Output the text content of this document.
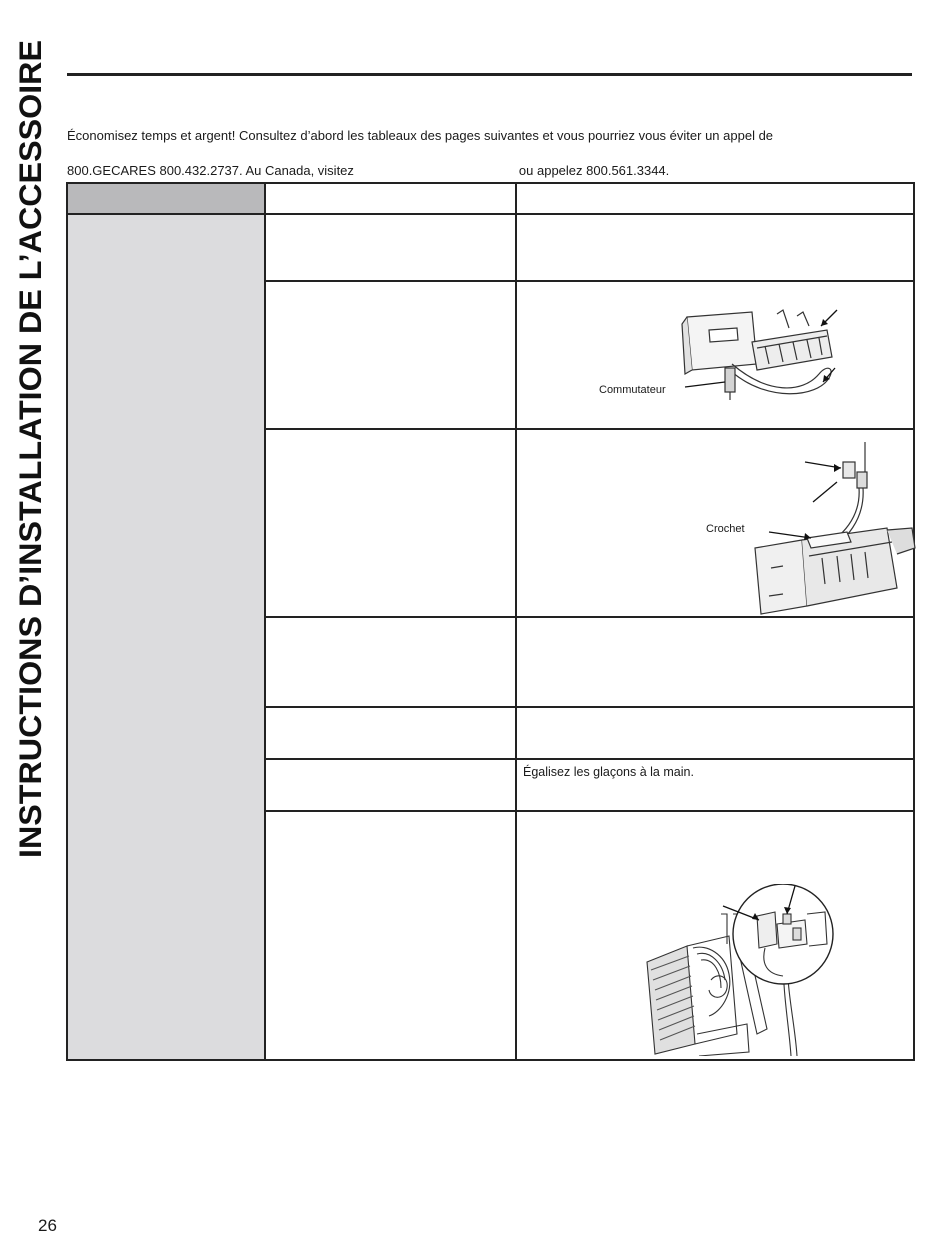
INSTRUCTIONS D’INSTALLATION DE L’ACCESSOIRE Économisez temps et argent! Consultez d’abord les tableaux des pages suivantes et vous pourriez vous éviter un appel de
800.GECARES 800.432.2737. Au Canada, visitez	ou appelez 800.561.3344.

		Commutateur

		Crochet

		Égalisez les glaçons à la main.

26
